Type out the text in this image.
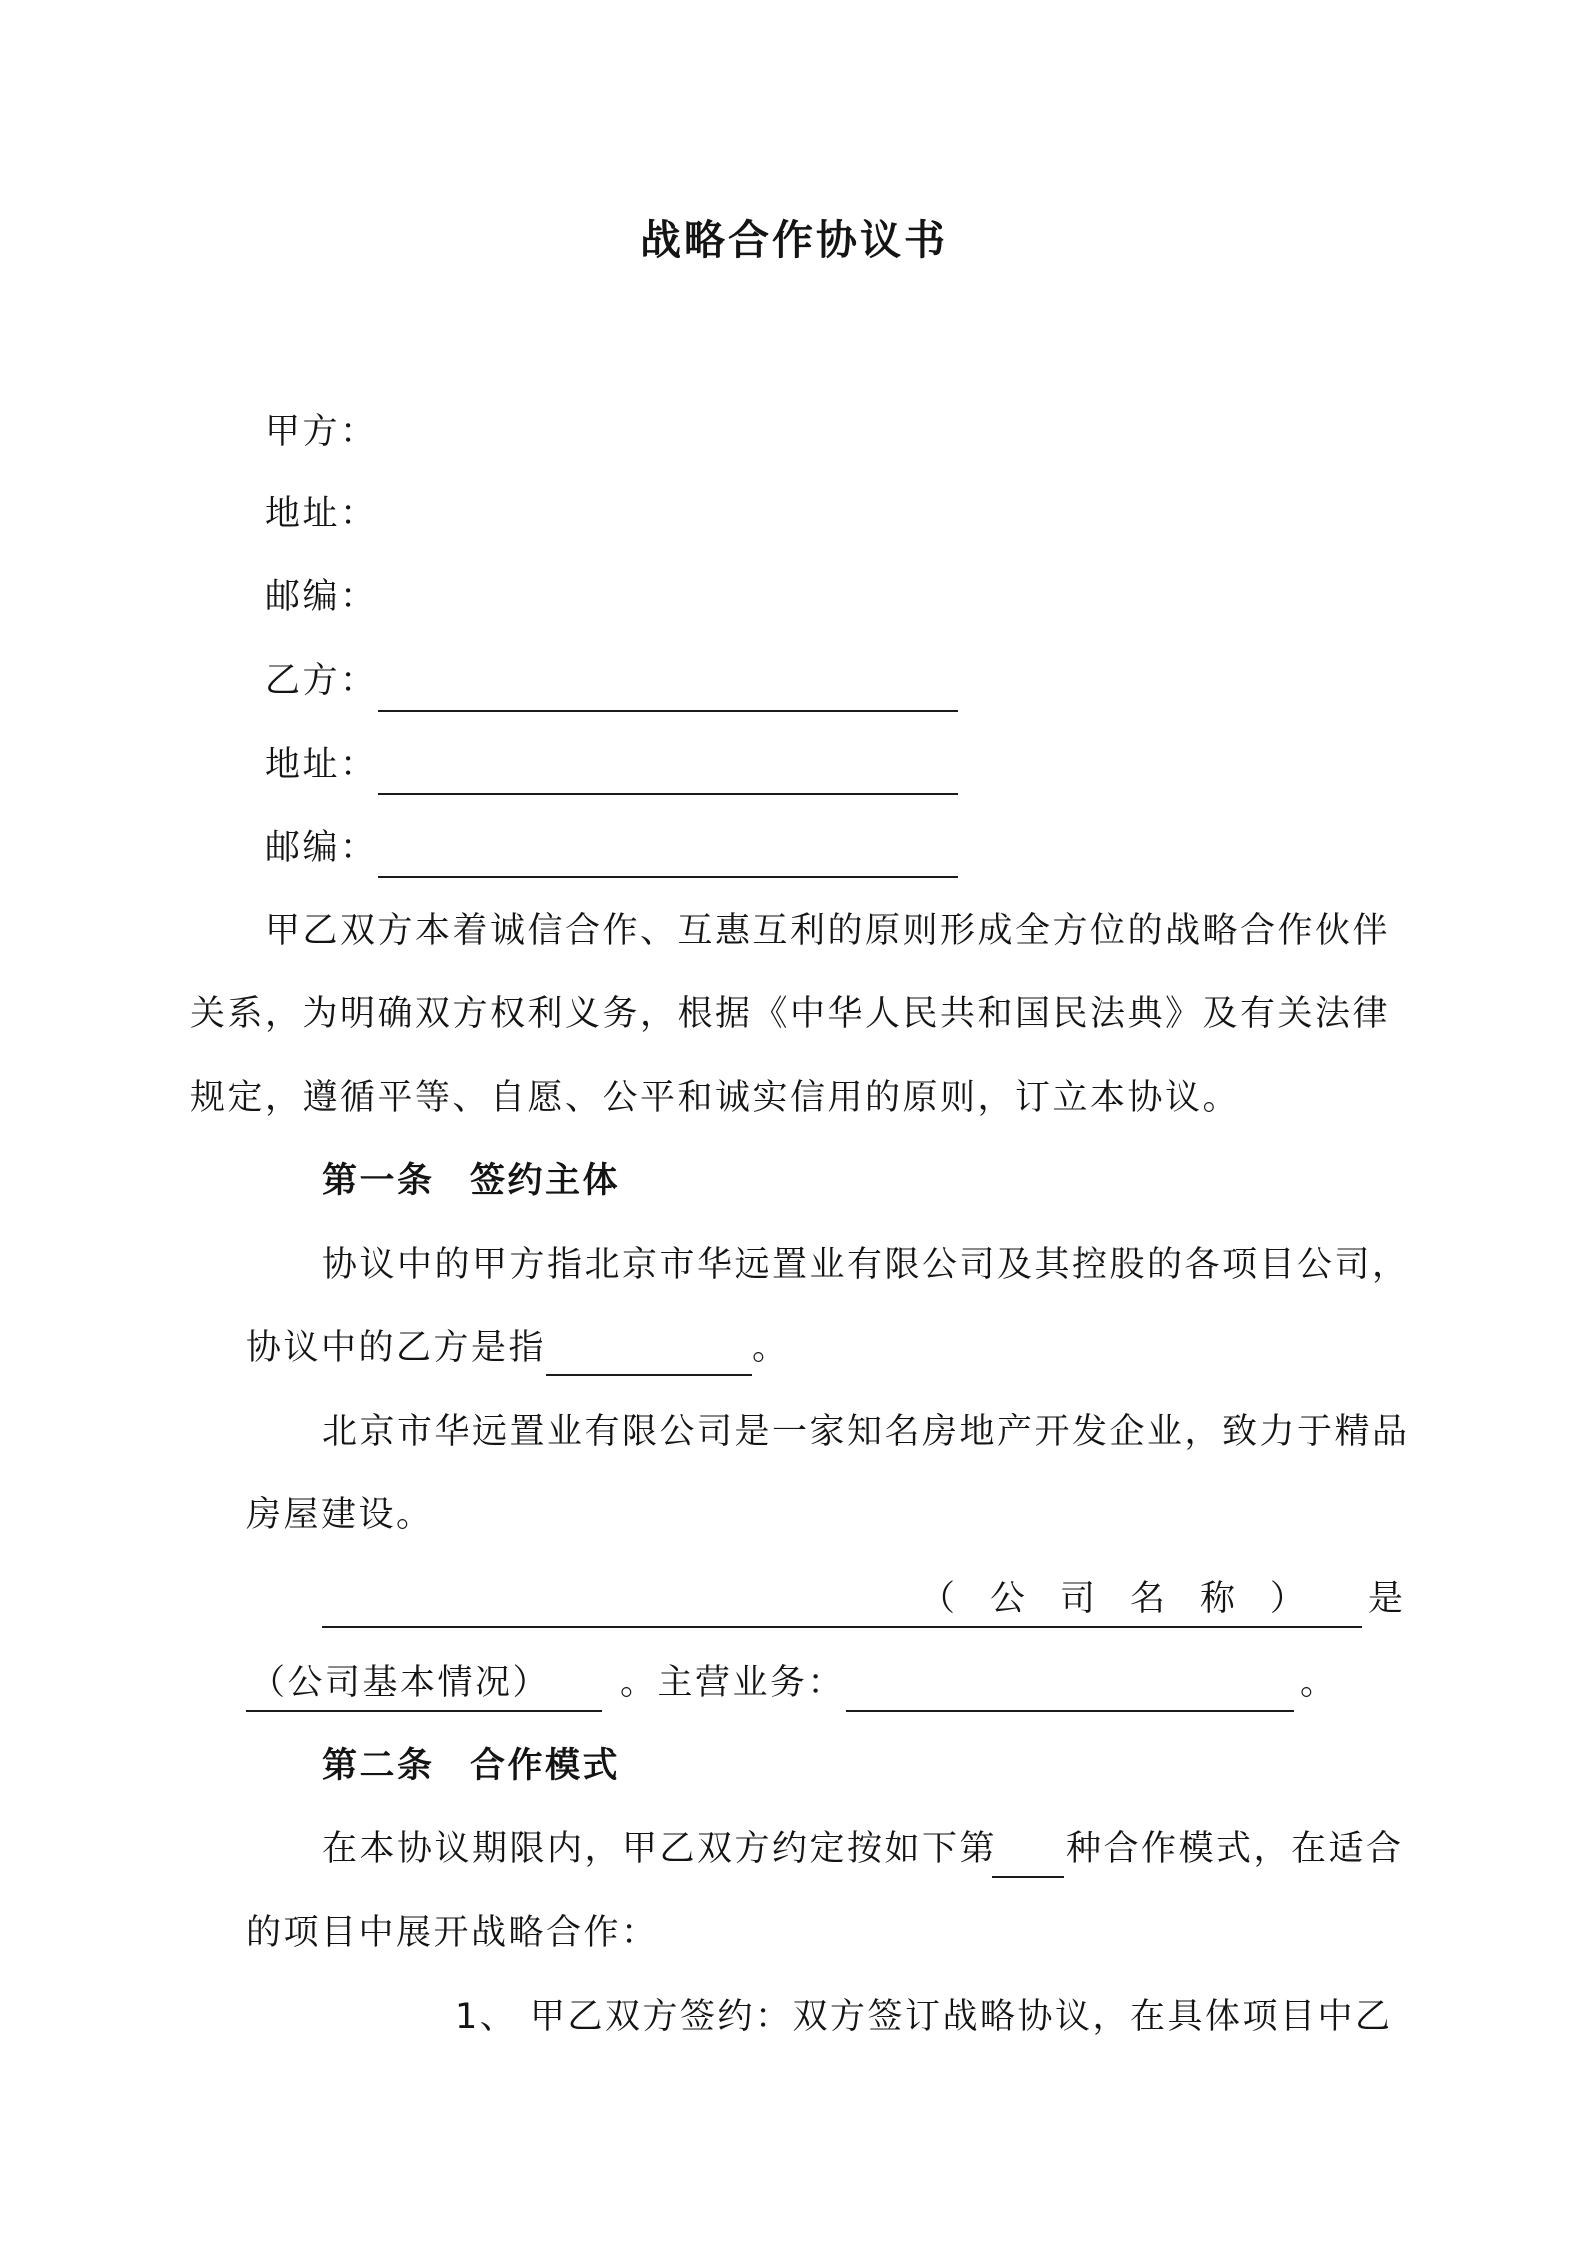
战略合作协议书
甲方：
地址：
邮编：
乙方：
地址：
邮编：
甲乙双方本着诚信合作、互惠互利的原则形成全方位的战略合作伙伴
关系，为明确双方权利义务，根据《中华人民共和国民法典》及有关法律
规定，遵循平等、自愿、公平和诚实信用的原则，订立本协议。
第一条 签约主体
协议中的甲方指北京市华远置业有限公司及其控股的各项目公司，
协议中的乙方是指	。
北京市华远置业有限公司是一家知名房地产开发企业，致力于精品
房屋建设。
（ 公 司 名 称 ） 是
（公司基本情况） 。主营业务：	。
第二条 合作模式
在本协议期限内，甲乙双方约定按如下第 种合作模式，在适合
的项目中展开战略合作：
1、 甲乙双方签约：双方签订战略协议，在具体项目中乙
